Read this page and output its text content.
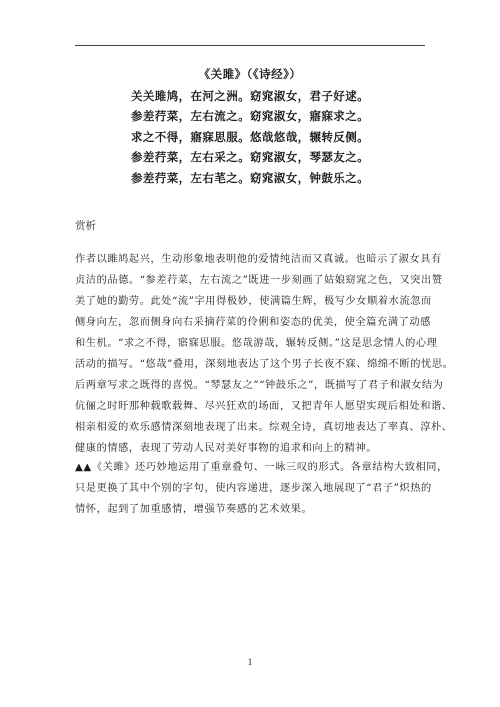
《关雎》（《诗经》）
关关雎鸠，在河之洲。窈窕淑女，君子好逑。
参差荇菜，左右流之。窈窕淑女，寤寐求之。
求之不得，寤寐思服。悠哉悠哉，辗转反侧。
参差荇菜，左右采之。窈窕淑女，琴瑟友之。
参差荇菜，左右芼之。窈窕淑女，钟鼓乐之。
赏析
作者以雎鸠起兴，生动形象地表明他的爱情纯洁而又真诚。也暗示了淑女具有
贞洁的品德。“参差荇菜，左右流之”既进一步刻画了姑娘窈窕之色，又突出赞
美了她的勤劳。此处“流”字用得极妙，使满篇生辉，极写少女顺着水流忽而
侧身向左，忽而侧身向右采摘荇菜的伶俐和姿态的优美，使全篇充满了动感
和生机。“求之不得，寤寐思服。悠哉游哉，辗转反侧。”这是思念情人的心理
活动的描写。“悠哉”叠用，深刻地表达了这个男子长夜不寐、绵绵不断的忧思。
后两章写求之既得的喜悦。“琴瑟友之”“钟鼓乐之”，既描写了君子和淑女结为
伉俪之时盱那种载歌载舞、尽兴狂欢的场面，又把青年人愿望实现后相处和谐、
相亲相爱的欢乐感情深刻地表现了出来。综观全诗，真切地表达了率真、淳朴、
健康的情感，表现了劳动人民对美好事物的追求和向上的精神。
▲▲《关雎》还巧妙地运用了重章叠句、一咏三叹的形式。各章结构大致相同，
只是更换了其中个别的字句，使内容递进，逐步深入地展现了“君子”炽热的
情怀，起到了加重感情，增强节奏感的艺术效果。
1
